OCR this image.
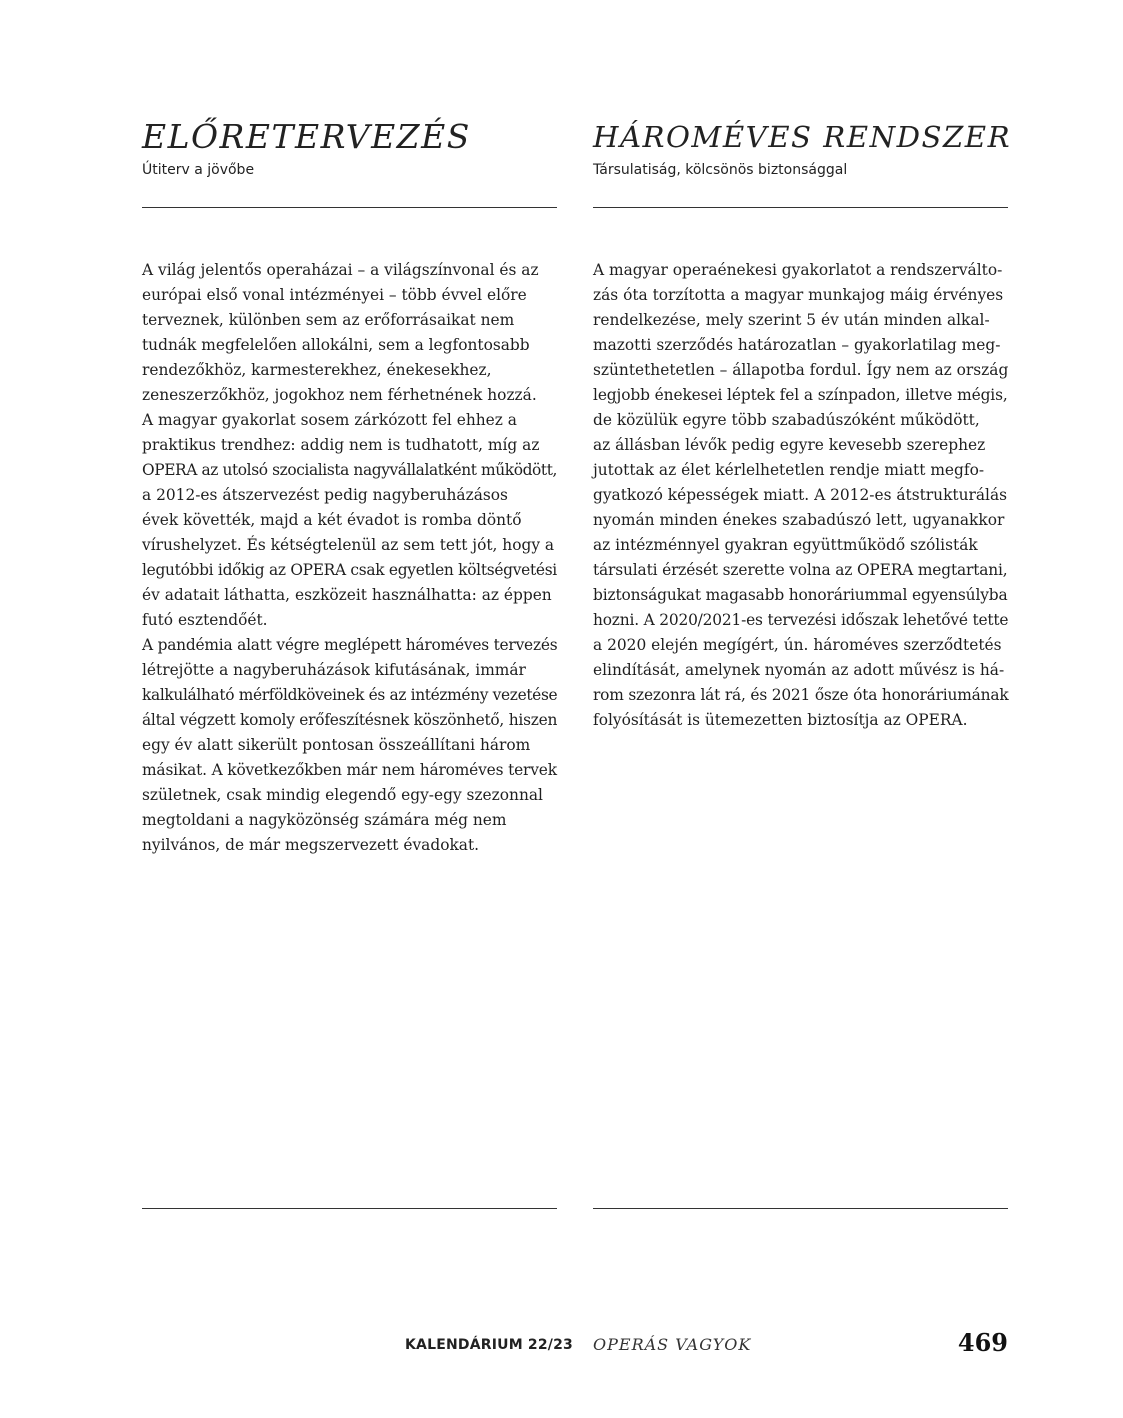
ELŐRETERVEZÉS
Útiterv a jövőbe
A világ jelentős operaházai – a világszínvonal és az
európai első vonal intézményei – több évvel előre
terveznek, különben sem az erőforrásaikat nem
tudnák megfelelően allokálni, sem a legfontosabb
rendezőkhöz, karmesterekhez, énekesekhez,
zeneszerzőkhöz, jogokhoz nem férhetnének hozzá.
A magyar gyakorlat sosem zárkózott fel ehhez a
praktikus trendhez: addig nem is tudhatott, míg az
OPERA az utolsó szocialista nagyvállalatként működött,
a 2012-es átszervezést pedig nagyberuházásos
évek követték, majd a két évadot is romba döntő
vírushelyzet. És kétségtelenül az sem tett jót, hogy a
legutóbbi időkig az OPERA csak egyetlen költségvetési
év adatait láthatta, eszközeit használhatta: az éppen
futó esztendőét.
A pandémia alatt végre meglépett hároméves tervezés
létrejötte a nagyberuházások kifutásának, immár
kalkulálható mérföldköveinek és az intézmény vezetése
által végzett komoly erőfeszítésnek köszönhető, hiszen
egy év alatt sikerült pontosan összeállítani három
másikat. A következőkben már nem hároméves tervek
születnek, csak mindig elegendő egy-egy szezonnal
megtoldani a nagyközönség számára még nem
nyilvános, de már megszervezett évadokat.
HÁROMÉVES RENDSZER
Társulatiság, kölcsönös biztonsággal
A magyar operaénekesi gyakorlatot a rendszerválto-
zás óta torzította a magyar munkajog máig érvényes
rendelkezése, mely szerint 5 év után minden alkal-
mazotti szerződés határozatlan – gyakorlatilag meg-
szüntethetetlen – állapotba fordul. Így nem az ország
legjobb énekesei léptek fel a színpadon, illetve mégis,
de közülük egyre több szabadúszóként működött,
az állásban lévők pedig egyre kevesebb szerephez
jutottak az élet kérlelhetetlen rendje miatt megfo-
gyatkozó képességek miatt. A 2012-es átstrukturálás
nyomán minden énekes szabadúszó lett, ugyanakkor
az intézménnyel gyakran együttműködő szólisták
társulati érzését szerette volna az OPERA megtartani,
biztonságukat magasabb honoráriummal egyensúlyba
hozni. A 2020/2021-es tervezési időszak lehetővé tette
a 2020 elején megígért, ún. hároméves szerződtetés
elindítását, amelynek nyomán az adott művész is há-
rom szezonra lát rá, és 2021 ősze óta honoráriumának
folyósítását is ütemezetten biztosítja az OPERA.
KALENDÁRIUM 22/23 OPERÁS VAGYOK	469
